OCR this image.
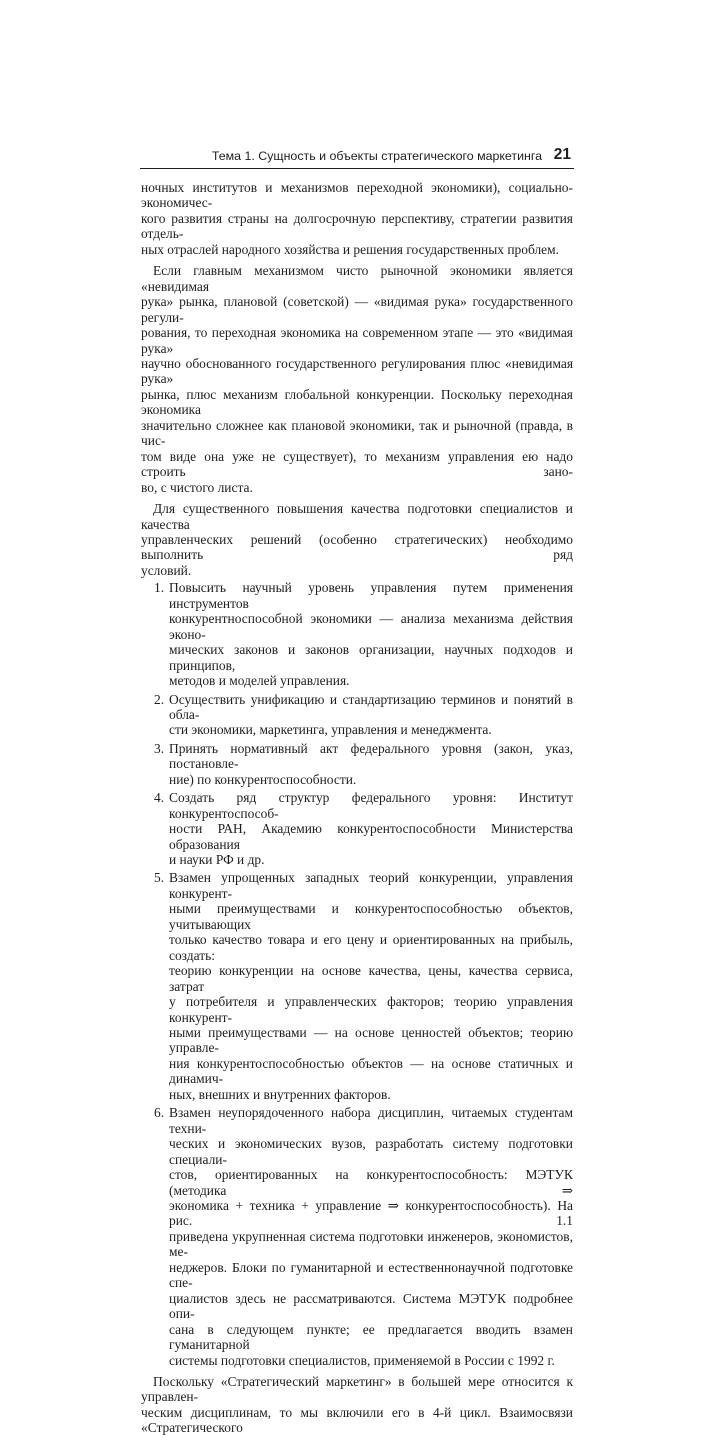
Тема 1. Сущность и объекты стратегического маркетинга 21
ночных институтов и механизмов переходной экономики), социально-экономичес-
кого развития страны на долгосрочную перспективу, стратегии развития отдель-
ных отраслей народного хозяйства и решения государственных проблем.
Если главным механизмом чисто рыночной экономики является «невидимая
рука» рынка, плановой (советской) — «видимая рука» государственного регули-
рования, то переходная экономика на современном этапе — это «видимая рука»
научно обоснованного государственного регулирования плюс «невидимая рука»
рынка, плюс механизм глобальной конкуренции. Поскольку переходная экономика
значительно сложнее как плановой экономики, так и рыночной (правда, в чис-
том виде она уже не существует), то механизм управления ею надо строить зано-
во, с чистого листа.
Для существенного повышения качества подготовки специалистов и качества
управленческих решений (особенно стратегических) необходимо выполнить ряд
условий.
1. Повысить научный уровень управления путем применения инструментов
конкурентноспособной экономики — анализа механизма действия эконо-
мических законов и законов организации, научных подходов и принципов,
методов и моделей управления.
2. Осуществить унификацию и стандартизацию терминов и понятий в обла-
сти экономики, маркетинга, управления и менеджмента.
3. Принять нормативный акт федерального уровня (закон, указ, постановле-
ние) по конкурентоспособности.
4. Создать ряд структур федерального уровня: Институт конкурентоспособ-
ности РАН, Академию конкурентоспособности Министерства образования
и науки РФ и др.
5. Взамен упрощенных западных теорий конкуренции, управления конкурент-
ными преимуществами и конкурентоспособностью объектов, учитывающих
только качество товара и его цену и ориентированных на прибыль, создать:
теорию конкуренции на основе качества, цены, качества сервиса, затрат
у потребителя и управленческих факторов; теорию управления конкурент-
ными преимуществами — на основе ценностей объектов; теорию управле-
ния конкурентоспособностью объектов — на основе статичных и динамич-
ных, внешних и внутренних факторов.
6. Взамен неупорядоченного набора дисциплин, читаемых студентам техни-
ческих и экономических вузов, разработать систему подготовки специали-
стов, ориентированных на конкурентоспособность: МЭТУК (методика ⇒
экономика + техника + управление ⇒ конкурентоспособность). На рис. 1.1
приведена укрупненная система подготовки инженеров, экономистов, ме-
неджеров. Блоки по гуманитарной и естественнонаучной подготовке спе-
циалистов здесь не рассматриваются. Система МЭТУК подробнее опи-
сана в следующем пункте; ее предлагается вводить взамен гуманитарной
системы подготовки специалистов, применяемой в России с 1992 г.
Поскольку «Стратегический маркетинг» в большей мере относится к управлен-
ческим дисциплинам, то мы включили его в 4-й цикл. Взаимосвязи «Стратегического
